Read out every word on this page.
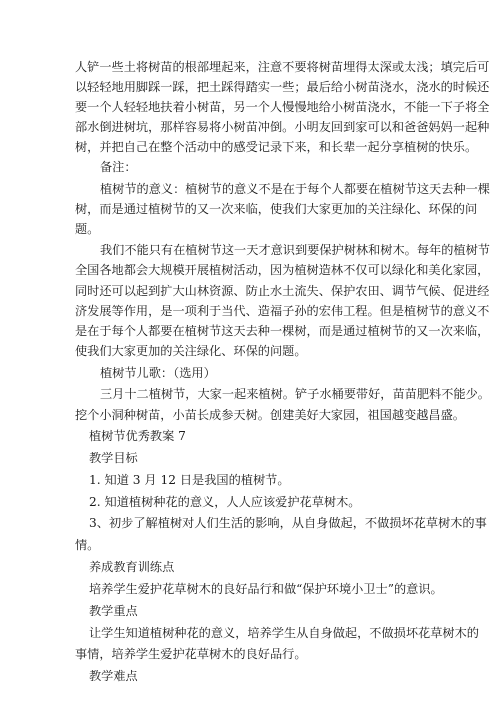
人铲一些土将树苗的根部埋起来，注意不要将树苗埋得太深或太浅；填完后可
以轻轻地用脚踩一踩，把土踩得踏实一些；最后给小树苗浇水，浇水的时候还
要一个人轻轻地扶着小树苗，另一个人慢慢地给小树苗浇水，不能一下子将全
部水倒进树坑，那样容易将小树苗冲倒。小明友回到家可以和爸爸妈妈一起种
树，并把自己在整个活动中的感受记录下来，和长辈一起分享植树的快乐。
备注：
植树节的意义：植树节的意义不是在于每个人都要在植树节这天去种一棵
树，而是通过植树节的又一次来临，使我们大家更加的关注绿化、环保的问
题。
我们不能只有在植树节这一天才意识到要保护树林和树木。每年的植树节
全国各地都会大规模开展植树活动，因为植树造林不仅可以绿化和美化家园，
同时还可以起到扩大山林资源、防止水土流失、保护农田、调节气候、促进经
济发展等作用，是一项利于当代、造福子孙的宏伟工程。但是植树节的意义不
是在于每个人都要在植树节这天去种一棵树，而是通过植树节的又一次来临，
使我们大家更加的关注绿化、环保的问题。
植树节儿歌：（选用）
三月十二植树节，大家一起来植树。铲子水桶要带好，苗苗肥料不能少。
挖个小洞种树苗，小苗长成参天树。创建美好大家园，祖国越变越昌盛。
植树节优秀教案 7
教学目标
1. 知道 3 月 12 日是我国的植树节。
2. 知道植树种花的意义，人人应该爱护花草树木。
3、初步了解植树对人们生活的影响，从自身做起，不做损坏花草树木的事
情。
养成教育训练点
培养学生爱护花草树木的良好品行和做“保护环境小卫士”的意识。
教学重点
让学生知道植树种花的意义，培养学生从自身做起，不做损坏花草树木的
事情，培养学生爱护花草树木的良好品行。
教学难点
